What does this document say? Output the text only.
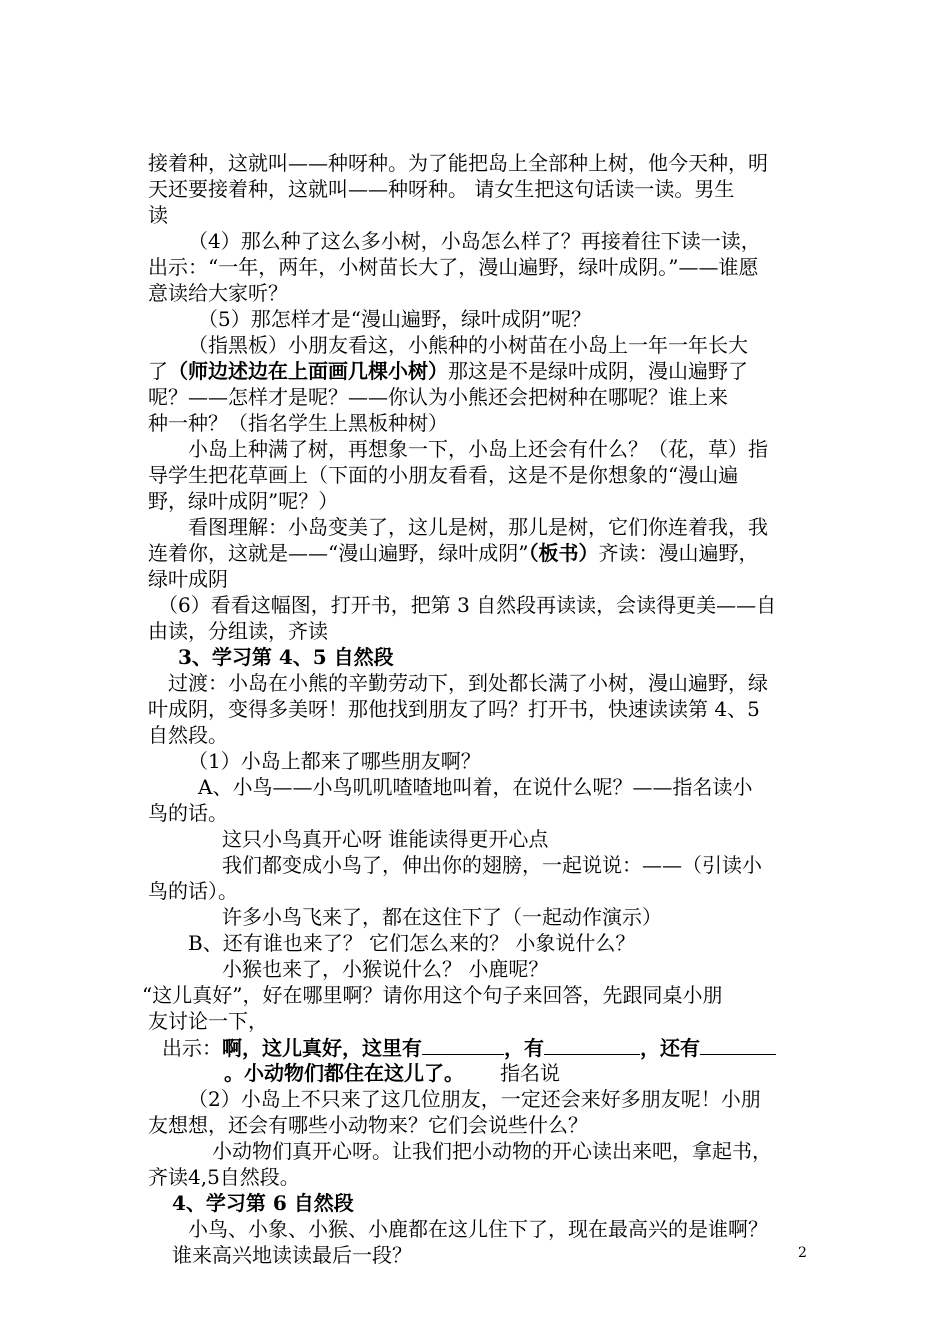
接着种，这就叫——种呀种。为了能把岛上全部种上树，他今天种，明
天还要接着种，这就叫——种呀种。 请女生把这句话读一读。男生
读
（4）那么种了这么多小树，小岛怎么样了？再接着往下读一读，
出示：“一年，两年，小树苗长大了，漫山遍野，绿叶成阴。”——谁愿
意读给大家听？
（5）那怎样才是“漫山遍野，绿叶成阴”呢？
（指黑板）小朋友看这，小熊种的小树苗在小岛上一年一年长大
了（师边述边在上面画几棵小树）那这是不是绿叶成阴，漫山遍野了
呢？——怎样才是呢？——你认为小熊还会把树种在哪呢？谁上来
种一种？（指名学生上黑板种树）
小岛上种满了树，再想象一下，小岛上还会有什么？（花，草）指
导学生把花草画上（下面的小朋友看看，这是不是你想象的“漫山遍
野，绿叶成阴”呢？）
看图理解：小岛变美了，这儿是树，那儿是树，它们你连着我，我
连着你，这就是——“漫山遍野，绿叶成阴”（板书）齐读：漫山遍野，
绿叶成阴
（6）看看这幅图，打开书，把第 3 自然段再读读，会读得更美——自
由读，分组读，齐读
3、学习第 4、5 自然段
过渡：小岛在小熊的辛勤劳动下，到处都长满了小树，漫山遍野，绿
叶成阴，变得多美呀！那他找到朋友了吗？打开书，快速读读第 4、5
自然段。
（1）小岛上都来了哪些朋友啊？
A、小鸟——小鸟叽叽喳喳地叫着，在说什么呢？——指名读小
鸟的话。
这只小鸟真开心呀 谁能读得更开心点
我们都变成小鸟了，伸出你的翅膀，一起说说：——（引读小
鸟的话）。
许多小鸟飞来了，都在这住下了（一起动作演示）
B、还有谁也来了？ 它们怎么来的？ 小象说什么？
小猴也来了，小猴说什么？ 小鹿呢？
“这儿真好”，好在哪里啊？请你用这个句子来回答，先跟同桌小朋
友讨论一下，
出示：啊，这儿真好，这里有	，有	，还有
。小动物们都住在这儿了。 指名说
（2）小岛上不只来了这几位朋友，一定还会来好多朋友呢！小朋
友想想，还会有哪些小动物来？它们会说些什么？
小动物们真开心呀。让我们把小动物的开心读出来吧，拿起书，
齐读4,5自然段。
4、学习第 6 自然段
小鸟、小象、小猴、小鹿都在这儿住下了，现在最高兴的是谁啊？
谁来高兴地读读最后一段？	2
